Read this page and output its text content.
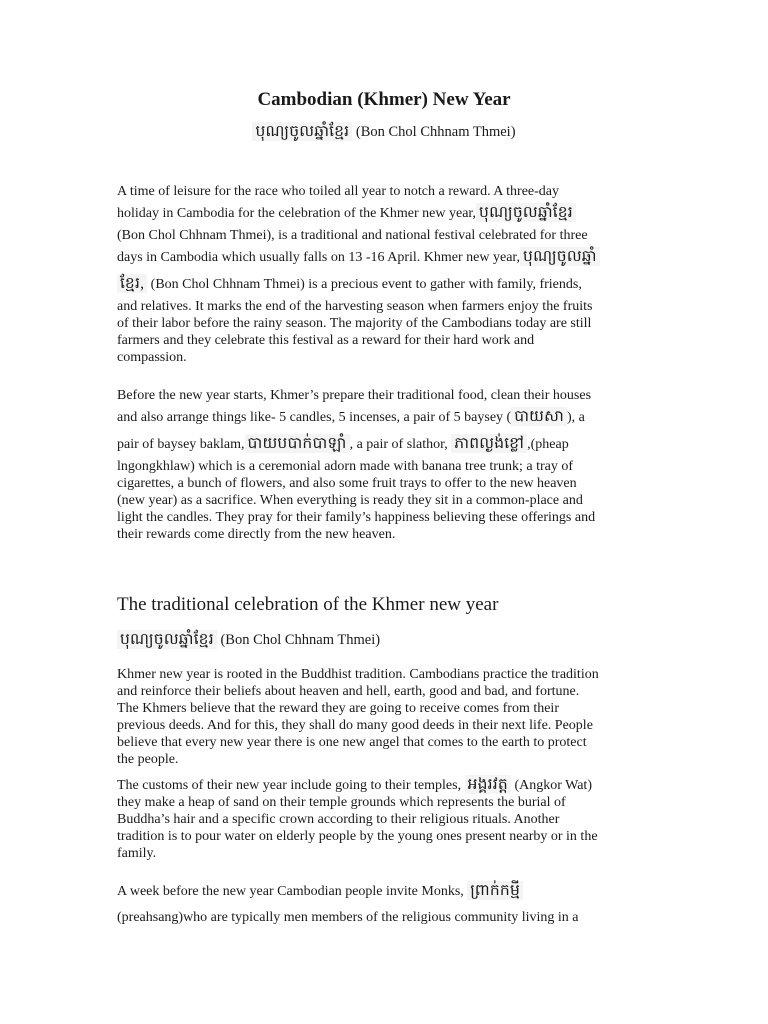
Cambodian (Khmer) New Year
បុណ្យចូលឆ្នាំខ្មែរ (Bon Chol Chhnam Thmei)

A time of leisure for the race who toiled all year to notch a reward. A three-day
holiday in Cambodia for the celebration of the Khmer new year, បុណ្យចូលឆ្នាំខ្មែរ
(Bon Chol Chhnam Thmei), is a traditional and national festival celebrated for three
days in Cambodia which usually falls on 13 -16 April. Khmer new year, បុណ្យចូលឆ្នាំ
ខ្មែរ, (Bon Chol Chhnam Thmei) is a precious event to gather with family, friends,
and relatives. It marks the end of the harvesting season when farmers enjoy the fruits
of their labor before the rainy season. The majority of the Cambodians today are still
farmers and they celebrate this festival as a reward for their hard work and
compassion.

Before the new year starts, Khmer’s prepare their traditional food, clean their houses
and also arrange things like- 5 candles, 5 incenses, a pair of 5 baysey ( បាយសា ), a
pair of baysey baklam, បាយបបាក់បាឡាំ , a pair of slathor, ភាពល្ងង់ខ្លៅ ,(pheap
lngongkhlaw) which is a ceremonial adorn made with banana tree trunk; a tray of
cigarettes, a bunch of flowers, and also some fruit trays to offer to the new heaven
(new year) as a sacrifice. When everything is ready they sit in a common-place and
light the candles. They pray for their family’s happiness believing these offerings and
their rewards come directly from the new heaven.

The traditional celebration of the Khmer new year
បុណ្យចូលឆ្នាំខ្មែរ (Bon Chol Chhnam Thmei)

Khmer new year is rooted in the Buddhist tradition. Cambodians practice the tradition
and reinforce their beliefs about heaven and hell, earth, good and bad, and fortune.
The Khmers believe that the reward they are going to receive comes from their
previous deeds. And for this, they shall do many good deeds in their next life. People
believe that every new year there is one new angel that comes to the earth to protect
the people.

The customs of their new year include going to their temples, អង្គរវត្ត (Angkor Wat)
they make a heap of sand on their temple grounds which represents the burial of
Buddha’s hair and a specific crown according to their religious rituals. Another
tradition is to pour water on elderly people by the young ones present nearby or in the
family.

A week before the new year Cambodian people invite Monks, ព្រាក់កម្មី
(preahsang)who are typically men members of the religious community living in a
